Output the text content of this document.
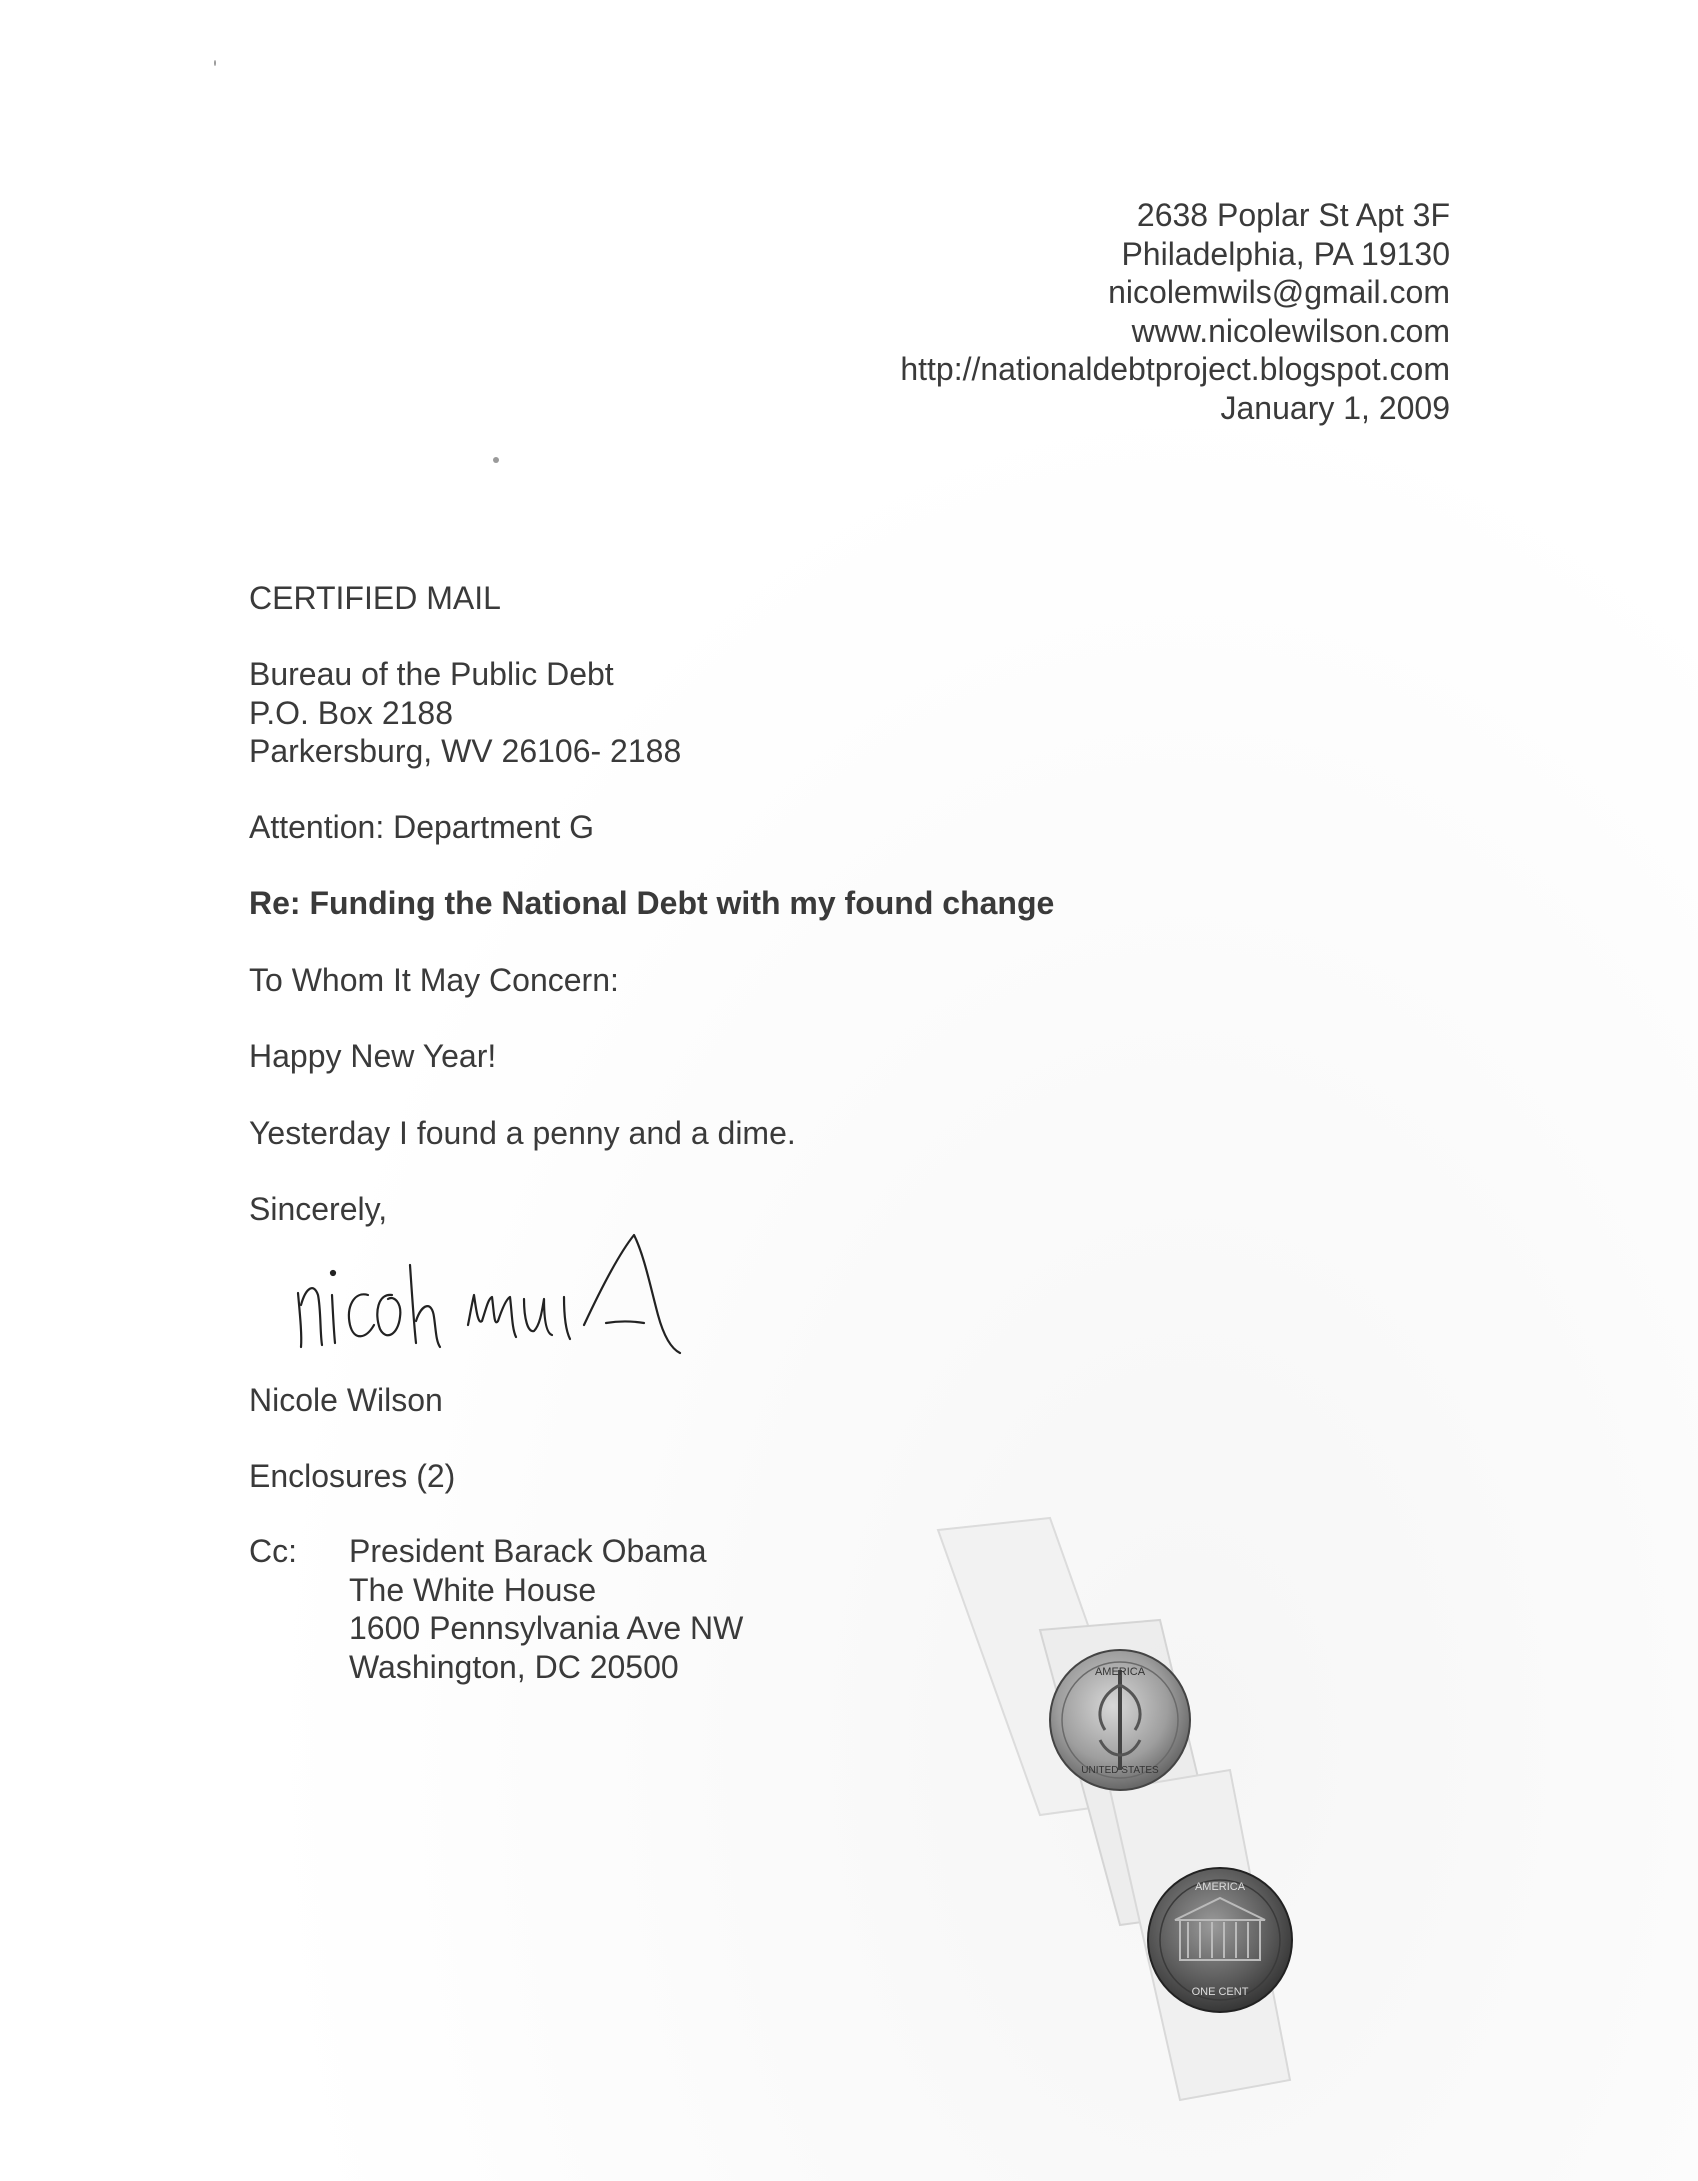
2638 Poplar St Apt 3F
Philadelphia, PA 19130
nicolemwils@gmail.com
www.nicolewilson.com
http://nationaldebtproject.blogspot.com
January 1, 2009
CERTIFIED MAIL
Bureau of the Public Debt
P.O. Box 2188
Parkersburg, WV 26106- 2188
Attention: Department G
Re: Funding the National Debt with my found change
To Whom It May Concern:
Happy New Year!
Yesterday I found a penny and a dime.
Sincerely,
Nicole Wilson
Enclosures (2)
Cc: President Barack Obama
The White House
1600 Pennsylvania Ave NW
Washington, DC 20500	AMERICA
UNITED STATES
AMERICA
ONE CENT
